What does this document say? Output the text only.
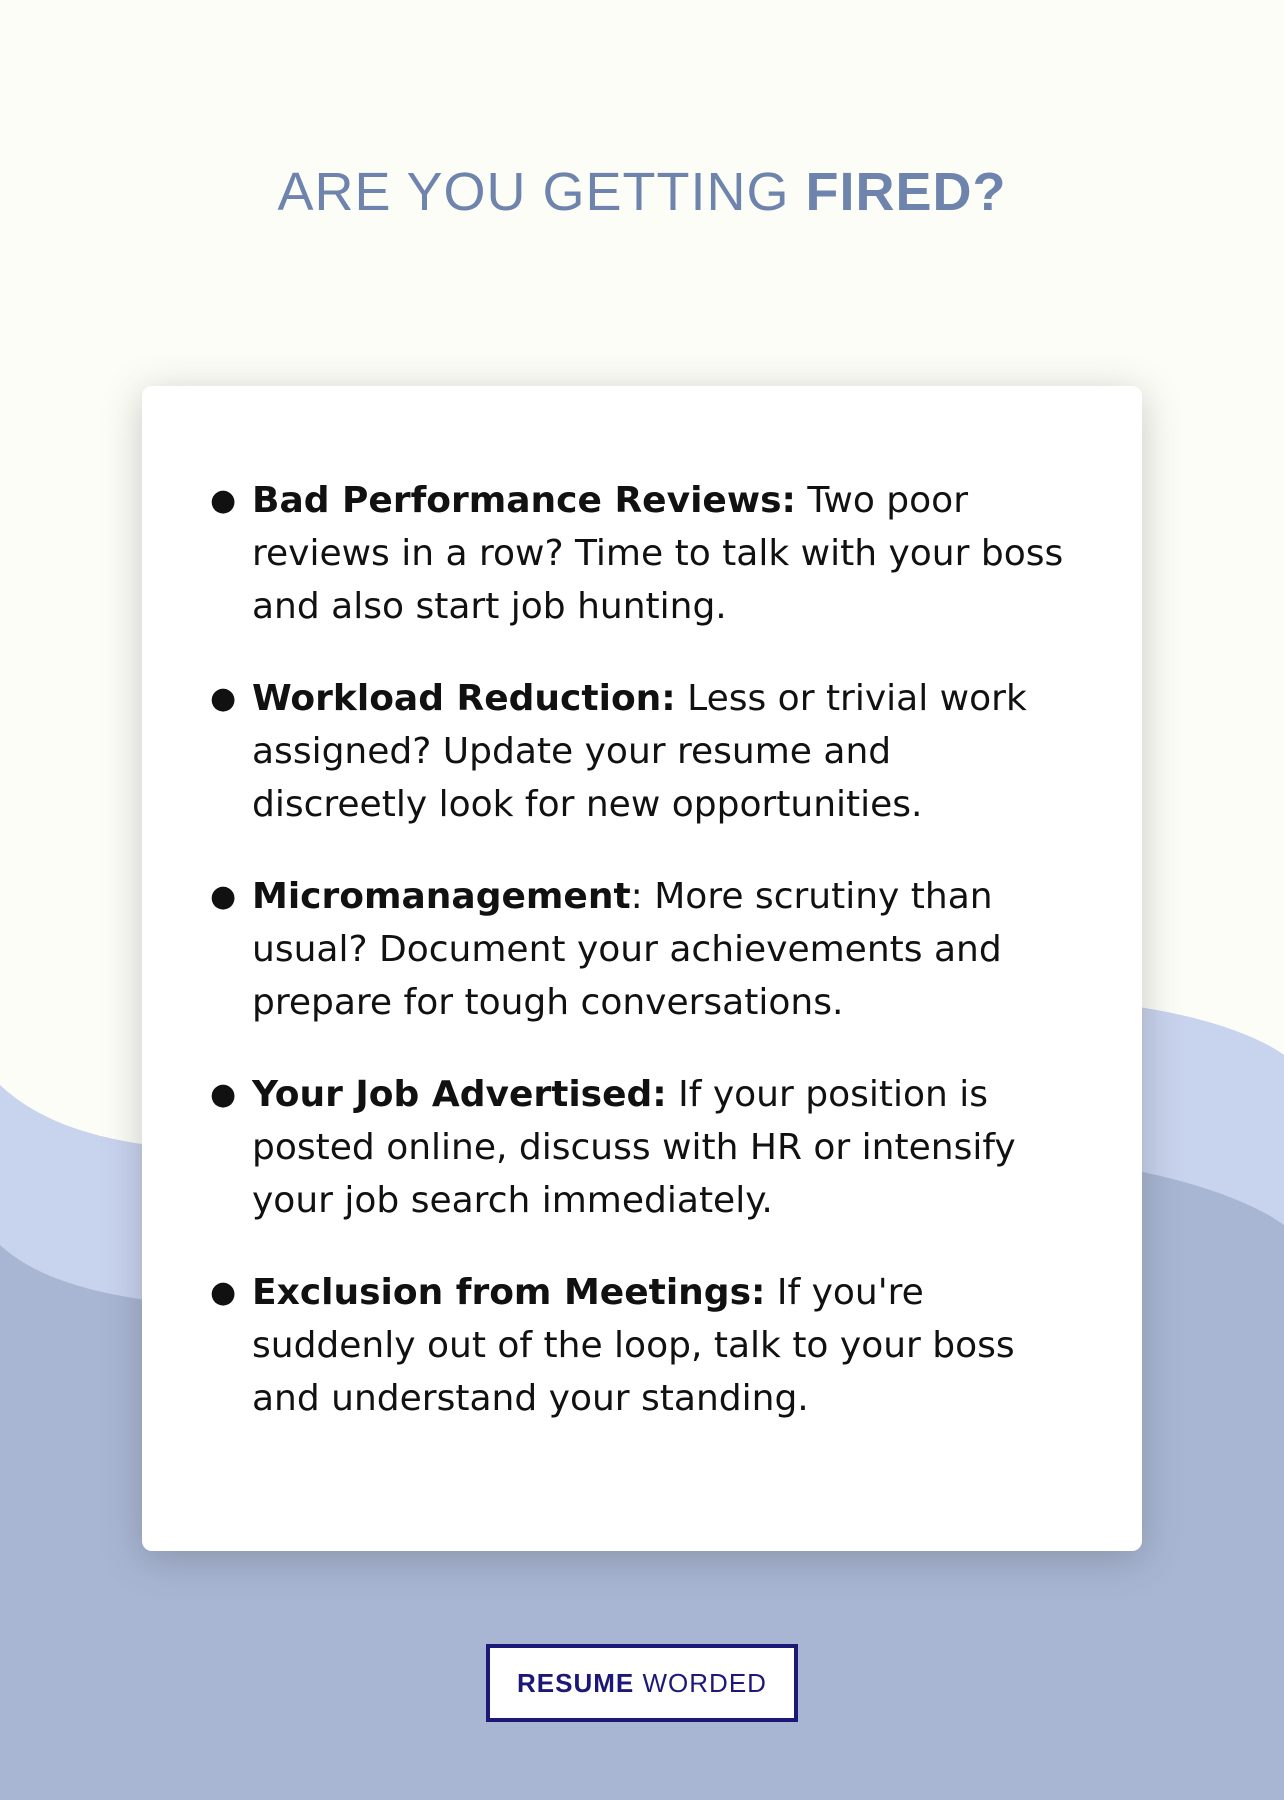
ARE YOU GETTING FIRED?
● Bad Performance Reviews: Two poor reviews in a row? Time to talk with your boss and also start job hunting.
● Workload Reduction: Less or trivial work assigned? Update your resume and discreetly look for new opportunities.
● Micromanagement: More scrutiny than usual? Document your achievements and prepare for tough conversations.
● Your Job Advertised: If your position is posted online, discuss with HR or intensify your job search immediately.
● Exclusion from Meetings: If you're suddenly out of the loop, talk to your boss and understand your standing.
RESUME WORDED
